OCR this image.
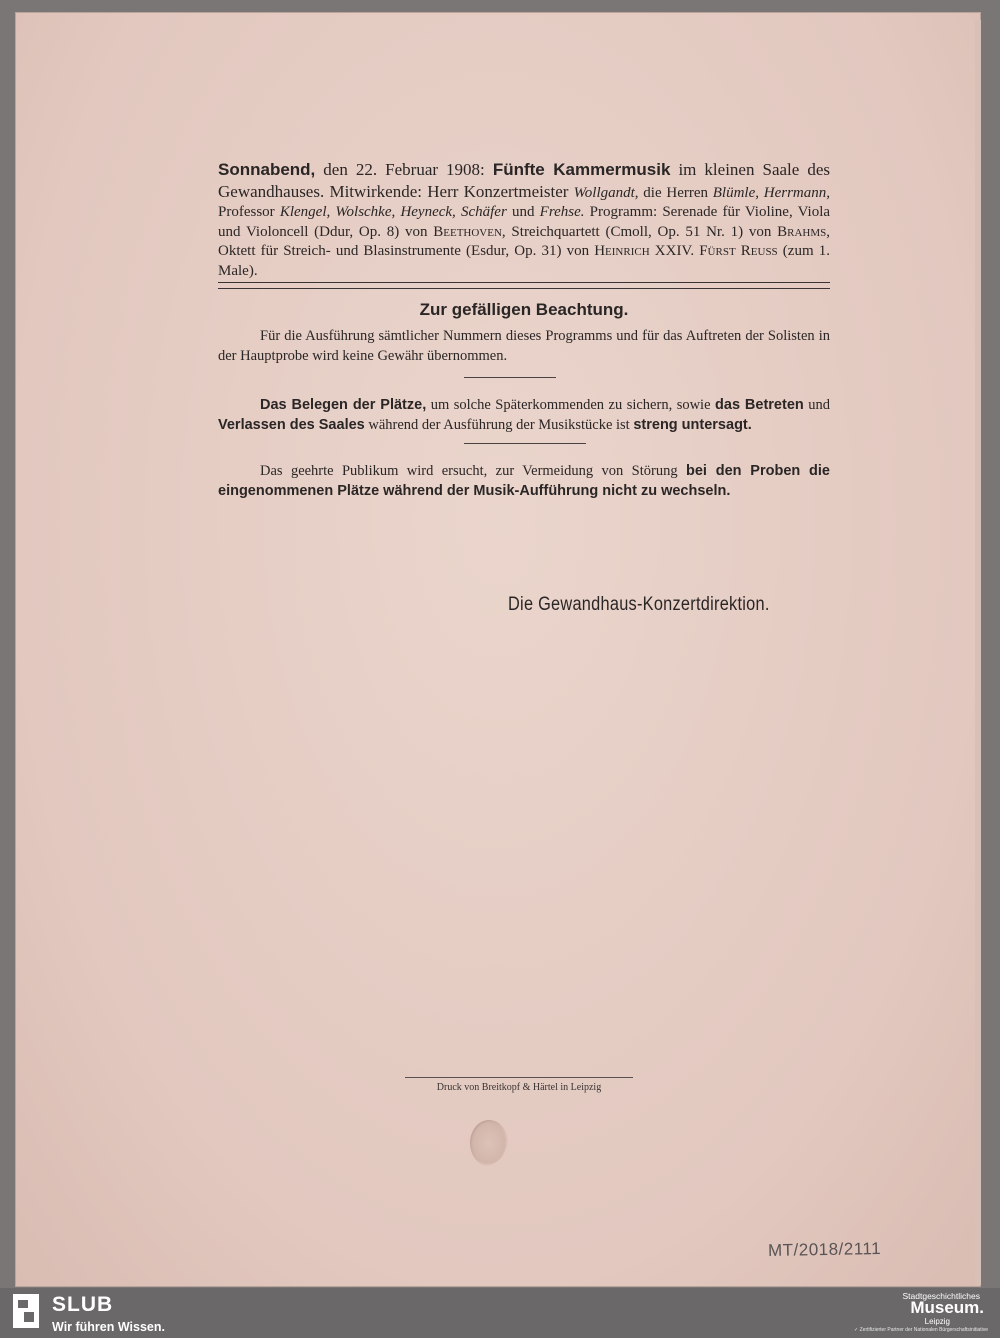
Sonnabend, den 22. Februar 1908: Fünfte Kammermusik im kleinen Saale des Gewandhauses. Mitwirkende: Herr Konzertmeister Wollgandt, die Herren Blümle, Herrmann, Professor Klengel, Wolschke, Heyneck, Schäfer und Frehse. Programm: Serenade für Violine, Viola und Violoncell (Ddur, Op. 8) von Beethoven, Streichquartett (Cmoll, Op. 51 Nr. 1) von Brahms, Oktett für Streich- und Blasinstrumente (Esdur, Op. 31) von Heinrich XXIV. Fürst Reuss (zum 1. Male).
Zur gefälligen Beachtung.
Für die Ausführung sämtlicher Nummern dieses Programms und für das Auftreten der Solisten in der Hauptprobe wird keine Gewähr übernommen.
Das Belegen der Plätze, um solche Späterkommenden zu sichern, sowie das Betreten und Verlassen des Saales während der Ausführung der Musikstücke ist streng untersagt.
Das geehrte Publikum wird ersucht, zur Vermeidung von Störung bei den Proben die eingenommenen Plätze während der Musik-Aufführung nicht zu wechseln.
Die Gewandhaus-Konzertdirektion.
Druck von Breitkopf & Härtel in Leipzig
MT/2018/2111
SLUB
Wir führen Wissen.
Stadtgeschichtliches
Museum.
Leipzig
✓ Zertifizierter Partner der Nationalen Bürgerschaftsinitiative
